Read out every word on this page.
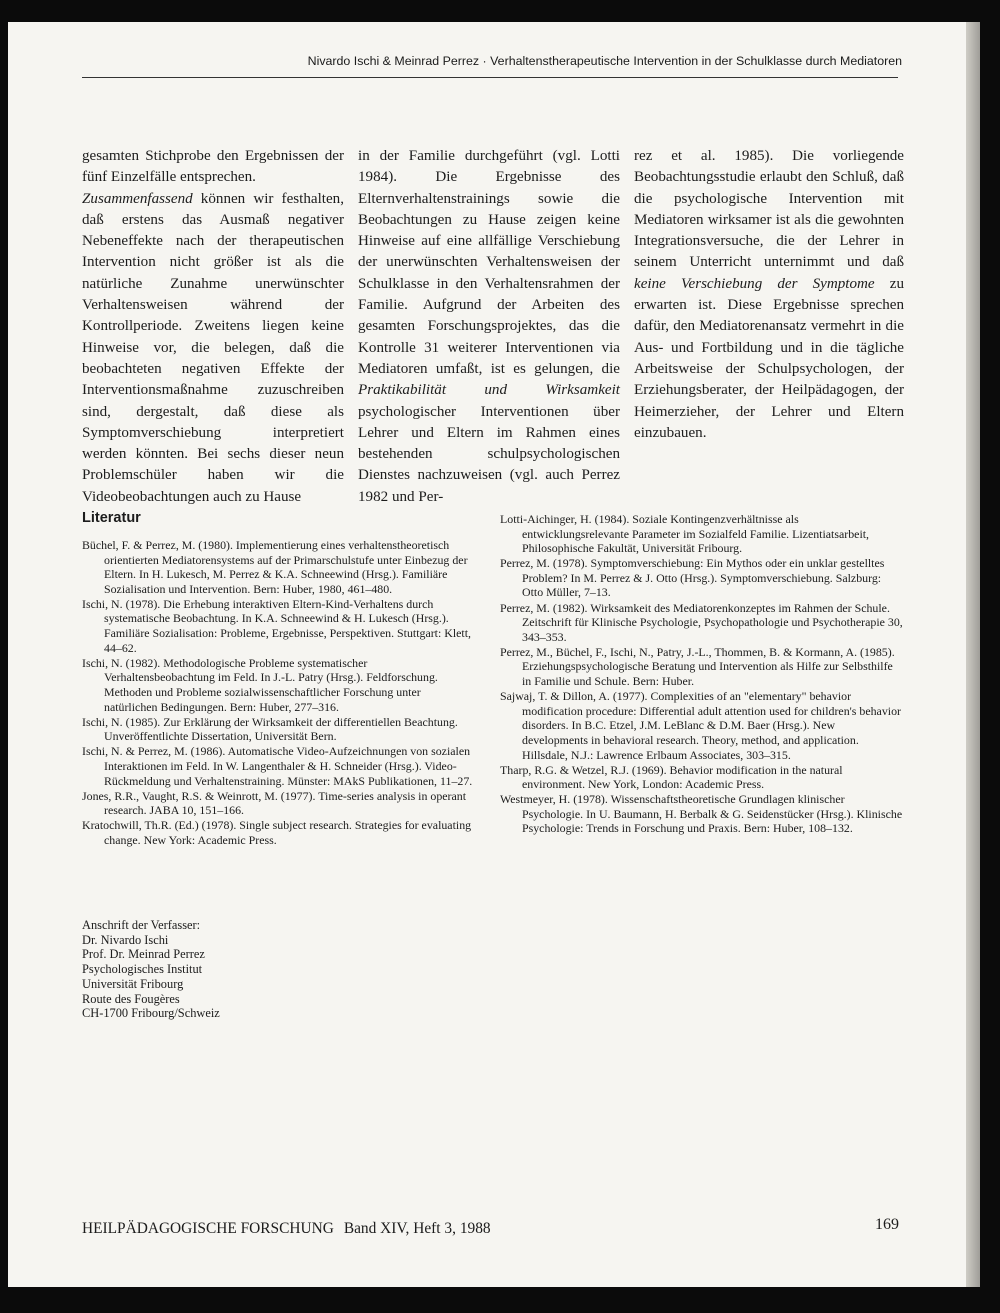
Nivardo Ischi & Meinrad Perrez · Verhaltenstherapeutische Intervention in der Schulklasse durch Mediatoren

gesamten Stichprobe den Ergebnissen der fünf Einzelfälle entsprechen.
Zusammenfassend können wir festhalten, daß erstens das Ausmaß negativer Nebeneffekte nach der therapeutischen Intervention nicht größer ist als die natürliche Zunahme unerwünschter Verhaltensweisen während der Kontrollperiode. Zweitens liegen keine Hinweise vor, die belegen, daß die beobachteten negativen Effekte der Interventionsmaßnahme zuzuschreiben sind, dergestalt, daß diese als Symptomverschiebung interpretiert werden könnten. Bei sechs dieser neun Problemschüler haben wir die Videobeobachtungen auch zu Hause

in der Familie durchgeführt (vgl. Lotti 1984). Die Ergebnisse des Elternverhaltenstrainings sowie die Beobachtungen zu Hause zeigen keine Hinweise auf eine allfällige Verschiebung der unerwünschten Verhaltensweisen der Schulklasse in den Verhaltensrahmen der Familie. Aufgrund der Arbeiten des gesamten Forschungsprojektes, das die Kontrolle 31 weiterer Interventionen via Mediatoren umfaßt, ist es gelungen, die Praktikabilität und Wirksamkeit psychologischer Interventionen über Lehrer und Eltern im Rahmen eines bestehenden schulpsychologischen Dienstes nachzuweisen (vgl. auch Perrez 1982 und Per-

rez et al. 1985). Die vorliegende Beobachtungsstudie erlaubt den Schluß, daß die psychologische Intervention mit Mediatoren wirksamer ist als die gewohnten Integrationsversuche, die der Lehrer in seinem Unterricht unternimmt und daß keine Verschiebung der Symptome zu erwarten ist. Diese Ergebnisse sprechen dafür, den Mediatorenansatz vermehrt in die Aus- und Fortbildung und in die tägliche Arbeitsweise der Schulpsychologen, der Erziehungsberater, der Heilpädagogen, der Heimerzieher, der Lehrer und Eltern einzubauen.

Literatur
Büchel, F. & Perrez, M. (1980). Implementierung eines verhaltenstheoretisch orientierten Mediatorensystems auf der Primarschulstufe unter Einbezug der Eltern. In H. Lukesch, M. Perrez & K.A. Schneewind (Hrsg.). Familiäre Sozialisation und Intervention. Bern: Huber, 1980, 461–480.
Ischi, N. (1978). Die Erhebung interaktiven Eltern-Kind-Verhaltens durch systematische Beobachtung. In K.A. Schneewind & H. Lukesch (Hrsg.). Familiäre Sozialisation: Probleme, Ergebnisse, Perspektiven. Stuttgart: Klett, 44–62.
Ischi, N. (1982). Methodologische Probleme systematischer Verhaltensbeobachtung im Feld. In J.-L. Patry (Hrsg.). Feldforschung. Methoden und Probleme sozialwissenschaftlicher Forschung unter natürlichen Bedingungen. Bern: Huber, 277–316.
Ischi, N. (1985). Zur Erklärung der Wirksamkeit der differentiellen Beachtung. Unveröffentlichte Dissertation, Universität Bern.
Ischi, N. & Perrez, M. (1986). Automatische Video-Aufzeichnungen von sozialen Interaktionen im Feld. In W. Langenthaler & H. Schneider (Hrsg.). Video-Rückmeldung und Verhaltenstraining. Münster: MAkS Publikationen, 11–27.
Jones, R.R., Vaught, R.S. & Weinrott, M. (1977). Time-series analysis in operant research. JABA 10, 151–166.
Kratochwill, Th.R. (Ed.) (1978). Single subject research. Strategies for evaluating change. New York: Academic Press.
Lotti-Aichinger, H. (1984). Soziale Kontingenzverhältnisse als entwicklungsrelevante Parameter im Sozialfeld Familie. Lizentiatsarbeit, Philosophische Fakultät, Universität Fribourg.
Perrez, M. (1978). Symptomverschiebung: Ein Mythos oder ein unklar gestelltes Problem? In M. Perrez & J. Otto (Hrsg.). Symptomverschiebung. Salzburg: Otto Müller, 7–13.
Perrez, M. (1982). Wirksamkeit des Mediatorenkonzeptes im Rahmen der Schule. Zeitschrift für Klinische Psychologie, Psychopathologie und Psychotherapie 30, 343–353.
Perrez, M., Büchel, F., Ischi, N., Patry, J.-L., Thommen, B. & Kormann, A. (1985). Erziehungspsychologische Beratung und Intervention als Hilfe zur Selbsthilfe in Familie und Schule. Bern: Huber.
Sajwaj, T. & Dillon, A. (1977). Complexities of an "elementary" behavior modification procedure: Differential adult attention used for children's behavior disorders. In B.C. Etzel, J.M. LeBlanc & D.M. Baer (Hrsg.). New developments in behavioral research. Theory, method, and application. Hillsdale, N.J.: Lawrence Erlbaum Associates, 303–315.
Tharp, R.G. & Wetzel, R.J. (1969). Behavior modification in the natural environment. New York, London: Academic Press.
Westmeyer, H. (1978). Wissenschaftstheoretische Grundlagen klinischer Psychologie. In U. Baumann, H. Berbalk & G. Seidenstücker (Hrsg.). Klinische Psychologie: Trends in Forschung und Praxis. Bern: Huber, 108–132.
Anschrift der Verfasser:
Dr. Nivardo Ischi
Prof. Dr. Meinrad Perrez
Psychologisches Institut
Universität Fribourg
Route des Fougères
CH-1700 Fribourg/Schweiz
HEILPÄDAGOGISCHE FORSCHUNG Band XIV, Heft 3, 1988	169
